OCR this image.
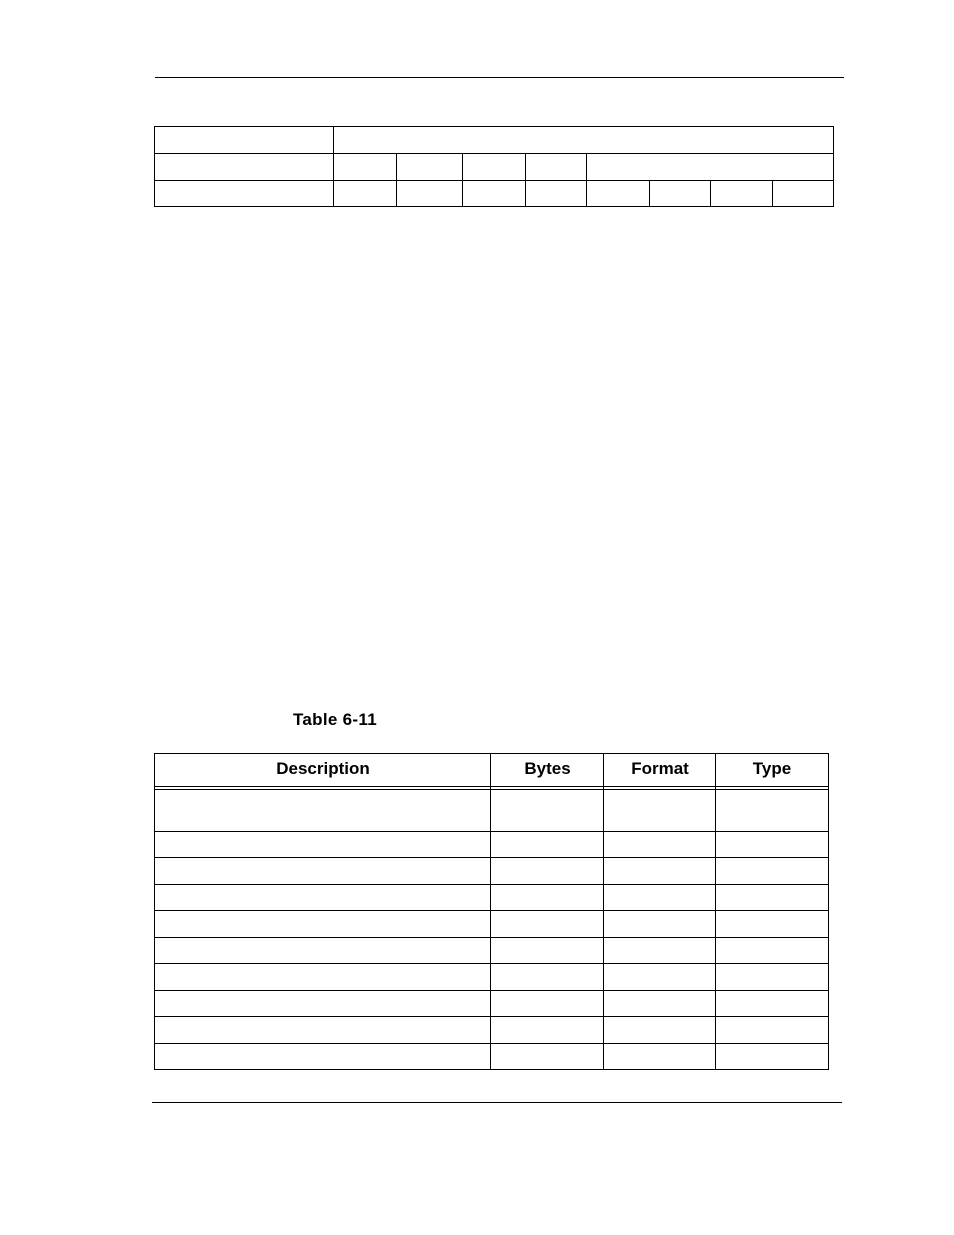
Table 6-11
Description	Bytes	Format	Type
